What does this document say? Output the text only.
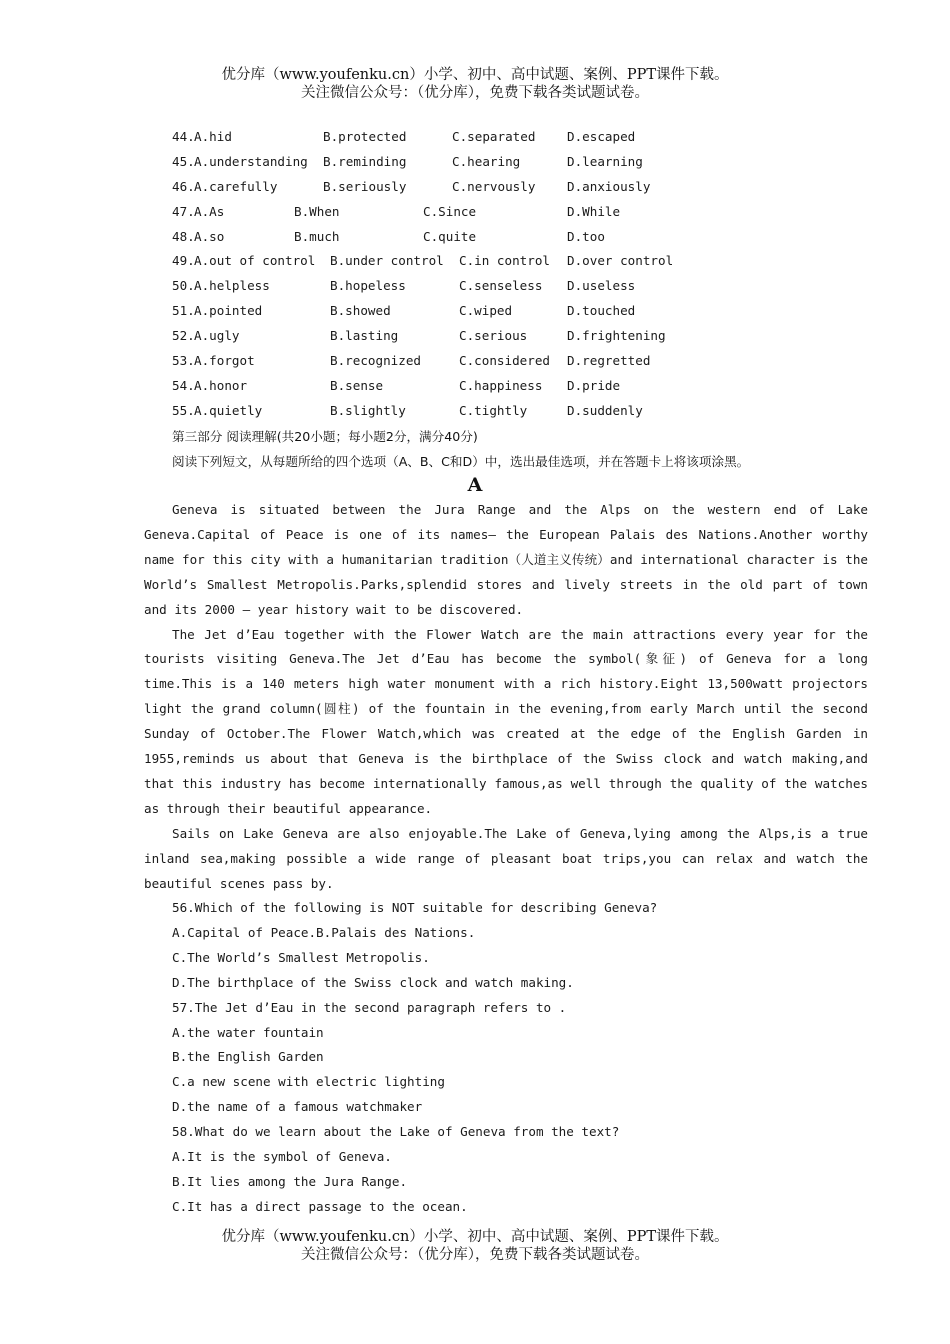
优分库（www.youfenku.cn）小学、初中、高中试题、案例、PPT课件下载。
关注微信公众号：（优分库），免费下载各类试题试卷。
44. A.hid	B.protected	C.separated	D.escaped
45. A.understanding B.reminding	C.hearing	D.learning
46. A.carefully	B.seriously	C.nervously	D.anxiously
47. A.As	B.When	C.Since	D.While
48. A.so	B.much	C.quite	D.too
49. A.out of control B.under control C.in control D.over control
50. A.helpless	B.hopeless	C.senseless D.useless
51. A.pointed	B.showed	C.wiped	D.touched
52. A.ugly	B.lasting	C.serious	D.frightening
53. A.forgot	B.recognized	C.considered D.regretted
54. A.honor	B.sense	C.happiness D.pride
55. A.quietly	B.slightly	C.tightly	D.suddenly
第三部分 阅读理解(共20小题；每小题2分，满分40分)
阅读下列短文，从每题所给的四个选项（A、B、C和D）中，选出最佳选项，并在答题卡上将该项涂黑。
A

Geneva is situated between the Jura Range and the Alps on the western end of Lake Geneva.Capital of Peace is one of its names— the European Palais des Nations.Another worthy name for this city with a humanitarian tradition（人道主义传统）and international character is the World’s Smallest Metropolis.Parks,splendid stores and lively streets in the old part of town and its 2000 — year history wait to be discovered.

The Jet d’Eau together with the Flower Watch are the main attractions every year for the tourists visiting Geneva.The Jet d’Eau has become the symbol(象征) of Geneva for a long time.This is a 140 meters high water monument with a rich history.Eight 13,500watt projectors light the grand column(圆柱) of the fountain in the evening,from early March until the second Sunday of October.The Flower Watch,which was created at the edge of the English Garden in 1955,reminds us about that Geneva is the birthplace of the Swiss clock and watch making,and that this industry has become internationally famous,as well through the quality of the watches as through their beautiful appearance.

Sails on Lake Geneva are also enjoyable.The Lake of Geneva,lying among the Alps,is a true inland sea,making possible a wide range of pleasant boat trips,you can relax and watch the beautiful scenes pass by.

56.Which of the following is NOT suitable for describing Geneva?
A.Capital of Peace.B.Palais des Nations.
C.The World’s Smallest Metropolis.
D.The birthplace of the Swiss clock and watch making.
57.The Jet d’Eau in the second paragraph refers to .
A.the water fountain
B.the English Garden
C.a new scene with electric lighting
D.the name of a famous watchmaker
58.What do we learn about the Lake of Geneva from the text?
A.It is the symbol of Geneva.
B.It lies among the Jura Range.
C.It has a direct passage to the ocean.
优分库（www.youfenku.cn）小学、初中、高中试题、案例、PPT课件下载。
关注微信公众号：（优分库），免费下载各类试题试卷。
